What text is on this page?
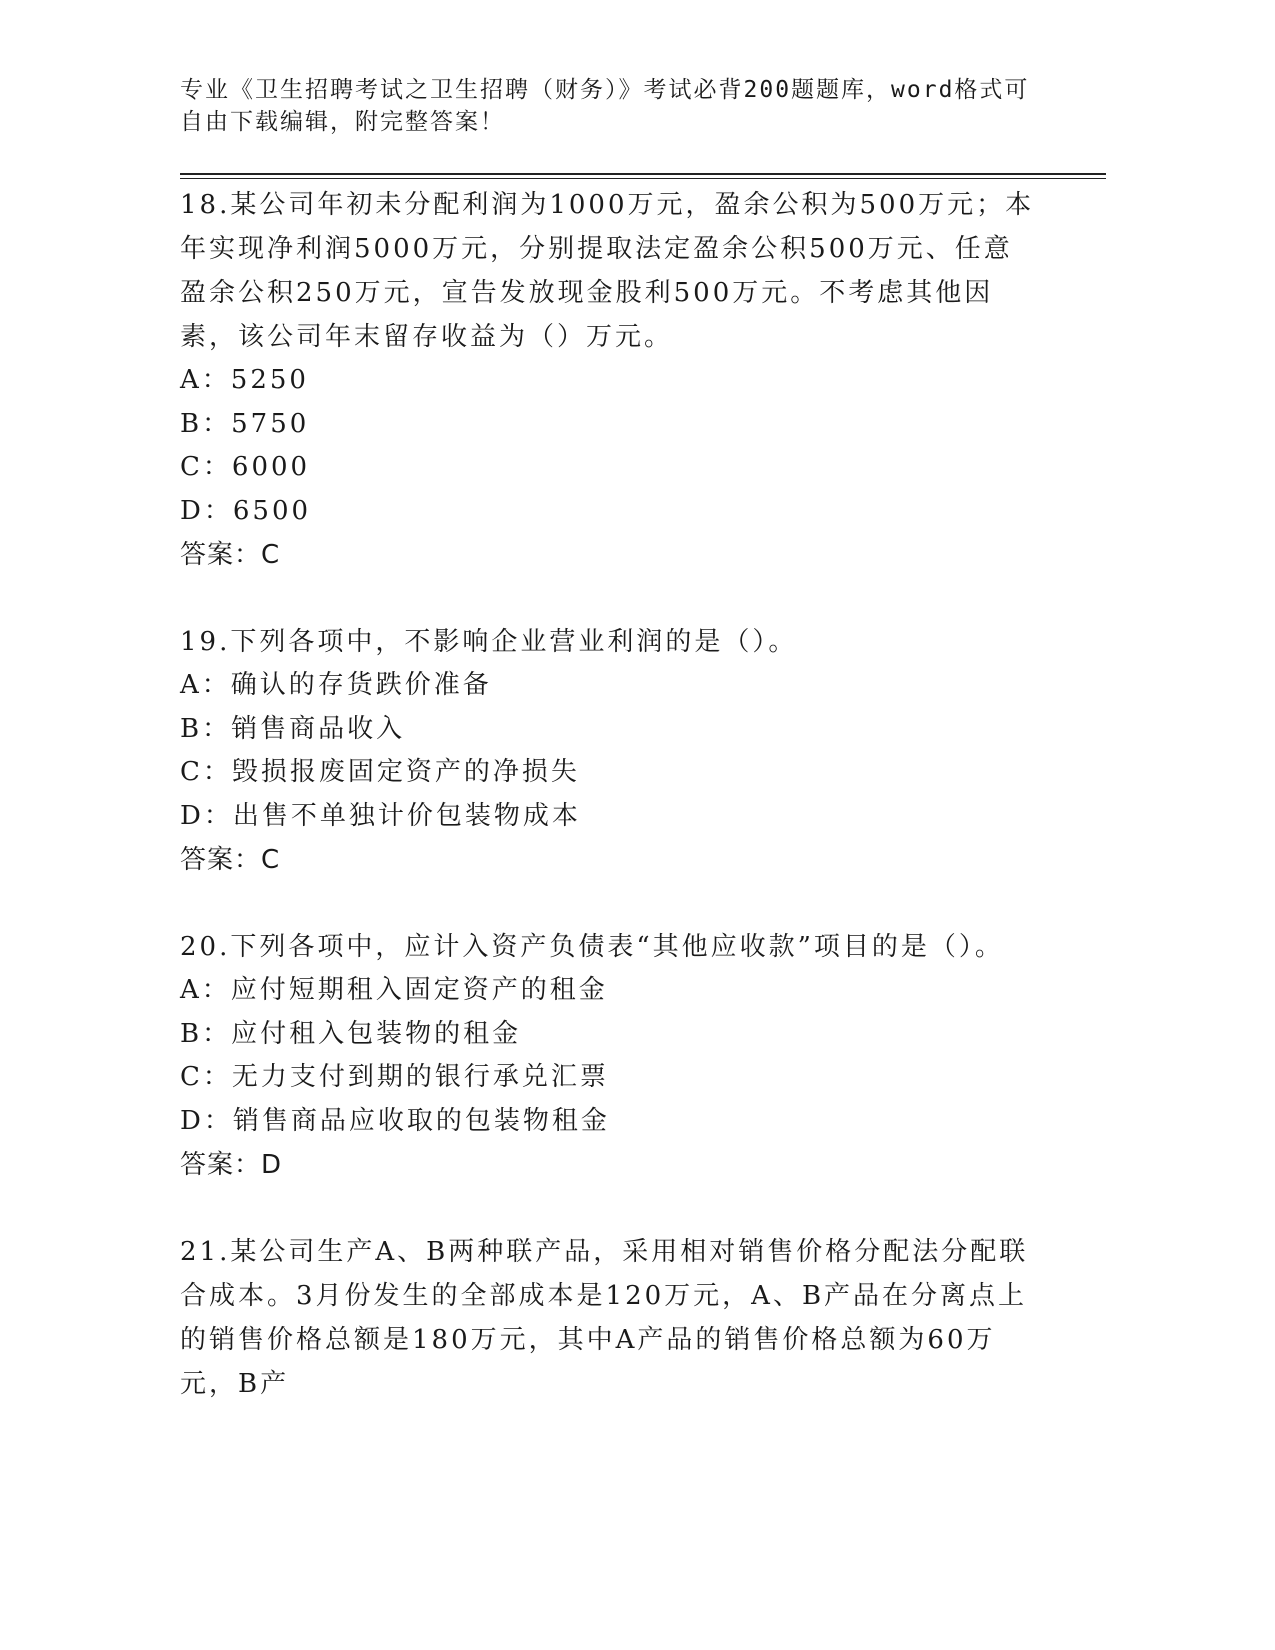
专业《卫生招聘考试之卫生招聘（财务）》考试必背200题题库，word格式可自由下载编辑，附完整答案！
18.某公司年初未分配利润为1000万元，盈余公积为500万元；本年实现净利润5000万元，分别提取法定盈余公积500万元、任意盈余公积250万元，宣告发放现金股利500万元。不考虑其他因素，该公司年末留存收益为（）万元。
A： 5250
B： 5750
C： 6000
D： 6500
答案：C
19.下列各项中，不影响企业营业利润的是（）。
A： 确认的存货跌价准备
B： 销售商品收入
C： 毁损报废固定资产的净损失
D： 出售不单独计价包装物成本
答案：C
20.下列各项中，应计入资产负债表“其他应收款”项目的是（）。
A： 应付短期租入固定资产的租金
B： 应付租入包装物的租金
C： 无力支付到期的银行承兑汇票
D： 销售商品应收取的包装物租金
答案：D
21.某公司生产A、B两种联产品，采用相对销售价格分配法分配联合成本。3月份发生的全部成本是120万元，A、B产品在分离点上的销售价格总额是180万元，其中A产品的销售价格总额为60万元，B产
